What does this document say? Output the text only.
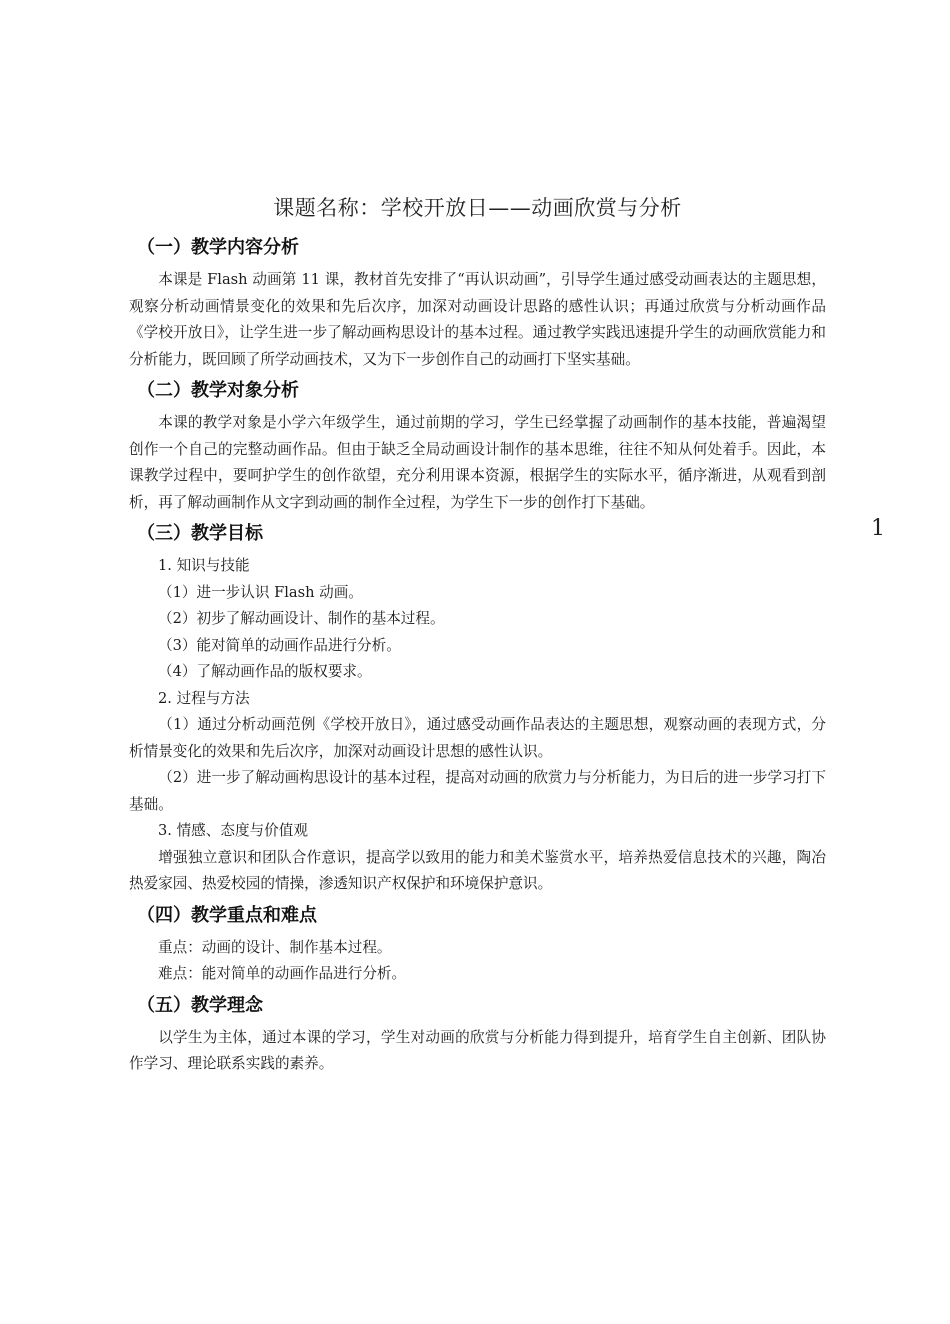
课题名称：学校开放日——动画欣赏与分析
（一）教学内容分析

本课是 Flash 动画第 11 课，教材首先安排了“再认识动画”，引导学生通过感受动画表达的主题思想，观察分析动画情景变化的效果和先后次序，加深对动画设计思路的感性认识；再通过欣赏与分析动画作品《学校开放日》，让学生进一步了解动画构思设计的基本过程。通过教学实践迅速提升学生的动画欣赏能力和分析能力，既回顾了所学动画技术，又为下一步创作自己的动画打下坚实基础。

（二）教学对象分析

本课的教学对象是小学六年级学生，通过前期的学习，学生已经掌握了动画制作的基本技能，普遍渴望创作一个自己的完整动画作品。但由于缺乏全局动画设计制作的基本思维，往往不知从何处着手。因此，本课教学过程中，要呵护学生的创作欲望，充分利用课本资源，根据学生的实际水平，循序渐进，从观看到剖析，再了解动画制作从文字到动画的制作全过程，为学生下一步的创作打下基础。

（三）教学目标

1. 知识与技能

（1）进一步认识 Flash 动画。

（2）初步了解动画设计、制作的基本过程。

（3）能对简单的动画作品进行分析。

（4）了解动画作品的版权要求。

2. 过程与方法

（1）通过分析动画范例《学校开放日》，通过感受动画作品表达的主题思想，观察动画的表现方式，分析情景变化的效果和先后次序，加深对动画设计思想的感性认识。

（2）进一步了解动画构思设计的基本过程，提高对动画的欣赏力与分析能力，为日后的进一步学习打下基础。

3. 情感、态度与价值观

增强独立意识和团队合作意识，提高学以致用的能力和美术鉴赏水平，培养热爱信息技术的兴趣，陶冶热爱家园、热爱校园的情操，渗透知识产权保护和环境保护意识。

（四）教学重点和难点

重点：动画的设计、制作基本过程。

难点：能对简单的动画作品进行分析。

（五）教学理念

以学生为主体，通过本课的学习，学生对动画的欣赏与分析能力得到提升，培育学生自主创新、团队协作学习、理论联系实践的素养。

1
